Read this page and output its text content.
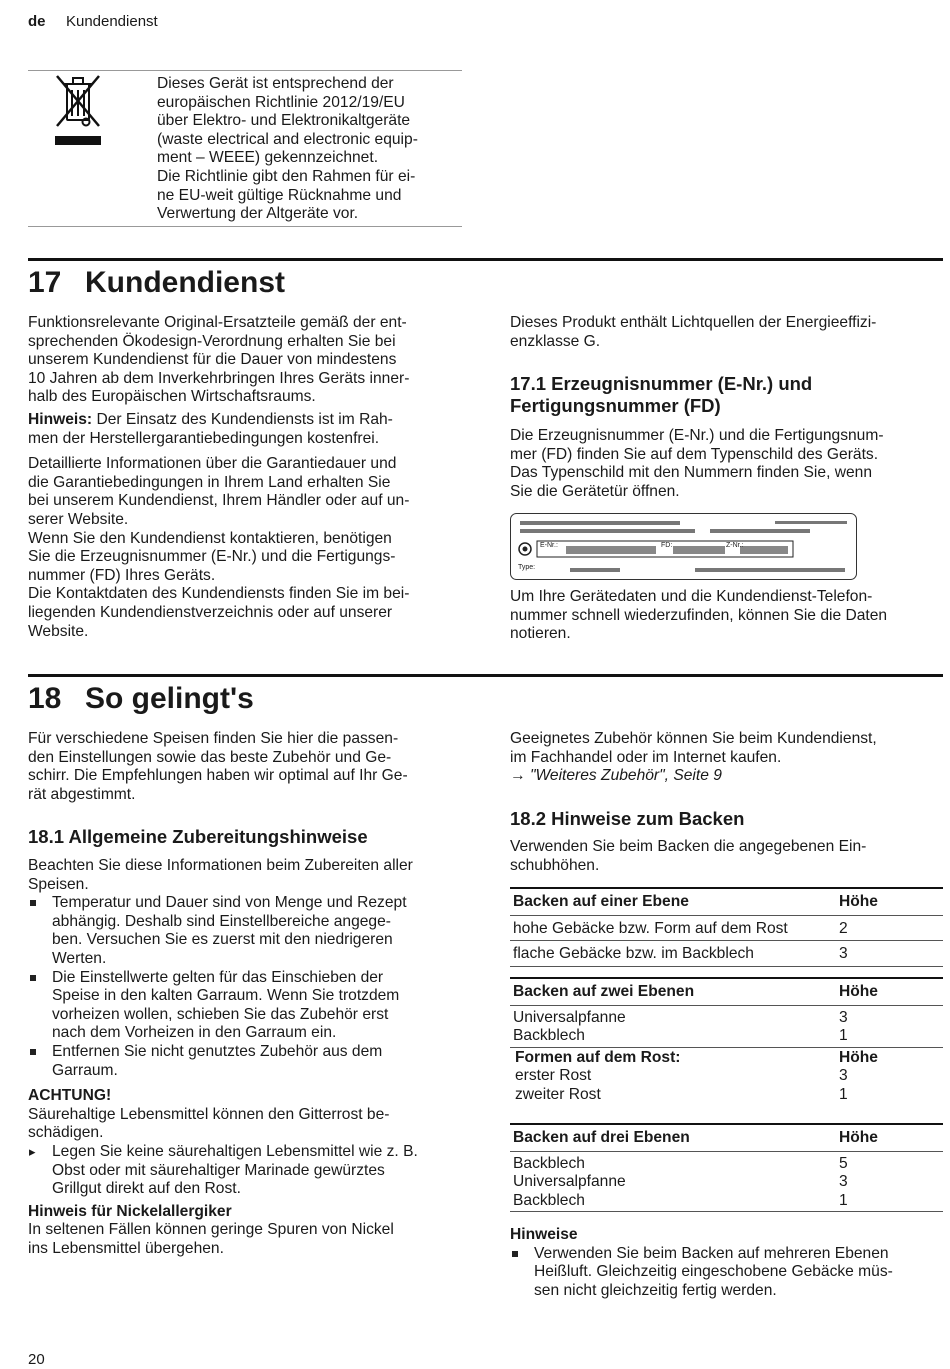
de Kundendienst

Dieses Gerät ist entsprechend der

europäischen Richtlinie 2012/19/EU

über Elektro- und Elektronikaltgeräte

(waste electrical and electronic equip-

ment – WEEE) gekennzeichnet.

Die Richtlinie gibt den Rahmen für ei-

ne EU-weit gültige Rücknahme und

Verwertung der Altgeräte vor.

17 Kundendienst

Funktionsrelevante Original-Ersatzteile gemäß der ent-

sprechenden Ökodesign-Verordnung erhalten Sie bei

unserem Kundendienst für die Dauer von mindestens

10 Jahren ab dem Inverkehrbringen Ihres Geräts inner-

halb des Europäischen Wirtschaftsraums.

Hinweis: Der Einsatz des Kundendiensts ist im Rah-

men der Herstellergarantiebedingungen kostenfrei.

Detaillierte Informationen über die Garantiedauer und

die Garantiebedingungen in Ihrem Land erhalten Sie

bei unserem Kundendienst, Ihrem Händler oder auf un-

serer Website.

Wenn Sie den Kundendienst kontaktieren, benötigen

Sie die Erzeugnisnummer (E-Nr.) und die Fertigungs-

nummer (FD) Ihres Geräts.

Die Kontaktdaten des Kundendiensts finden Sie im bei-

liegenden Kundendienstverzeichnis oder auf unserer

Website.

Dieses Produkt enthält Lichtquellen der Energieeffizi-

enzklasse G.

17.1 Erzeugnisnummer (E-Nr.) und
Fertigungsnummer (FD)

Die Erzeugnisnummer (E-Nr.) und die Fertigungsnum-

mer (FD) finden Sie auf dem Typenschild des Geräts.

Das Typenschild mit den Nummern finden Sie, wenn

Sie die Gerätetür öffnen.

E-Nr.:	FD:	Z-Nr.:
Type:

Um Ihre Gerätedaten und die Kundendienst-Telefon-

nummer schnell wiederzufinden, können Sie die Daten

notieren.

18 So gelingt's

Für verschiedene Speisen finden Sie hier die passen-

den Einstellungen sowie das beste Zubehör und Ge-

schirr. Die Empfehlungen haben wir optimal auf Ihr Ge-

rät abgestimmt.

18.1 Allgemeine Zubereitungshinweise

Beachten Sie diese Informationen beim Zubereiten aller

Speisen.

Temperatur und Dauer sind von Menge und Rezept

abhängig. Deshalb sind Einstellbereiche angege-

ben. Versuchen Sie es zuerst mit den niedrigeren

Werten.

Die Einstellwerte gelten für das Einschieben der

Speise in den kalten Garraum. Wenn Sie trotzdem

vorheizen wollen, schieben Sie das Zubehör erst

nach dem Vorheizen in den Garraum ein.

Entfernen Sie nicht genutztes Zubehör aus dem

Garraum.

ACHTUNG!

Säurehaltige Lebensmittel können den Gitterrost be-

schädigen.

▸ Legen Sie keine säurehaltigen Lebensmittel wie z. B.

Obst oder mit säurehaltiger Marinade gewürztes

Grillgut direkt auf den Rost.

Hinweis für Nickelallergiker

In seltenen Fällen können geringe Spuren von Nickel

ins Lebensmittel übergehen.

Geeignetes Zubehör können Sie beim Kundendienst,

im Fachhandel oder im Internet kaufen.

→ "Weiteres Zubehör", Seite 9

18.2 Hinweise zum Backen

Verwenden Sie beim Backen die angegebenen Ein-

schubhöhen.

Backen auf einer Ebene	Höhe
hohe Gebäcke bzw. Form auf dem Rost	2
flache Gebäcke bzw. im Backblech	3
Backen auf zwei Ebenen	Höhe
Universalpfanne	3
Backblech	1
Formen auf dem Rost:	Höhe
erster Rost	3
zweiter Rost	1
Backen auf drei Ebenen	Höhe
Backblech	5
Universalpfanne	3
Backblech	1

Hinweise

Verwenden Sie beim Backen auf mehreren Ebenen

Heißluft. Gleichzeitig eingeschobene Gebäcke müs-

sen nicht gleichzeitig fertig werden.

20
